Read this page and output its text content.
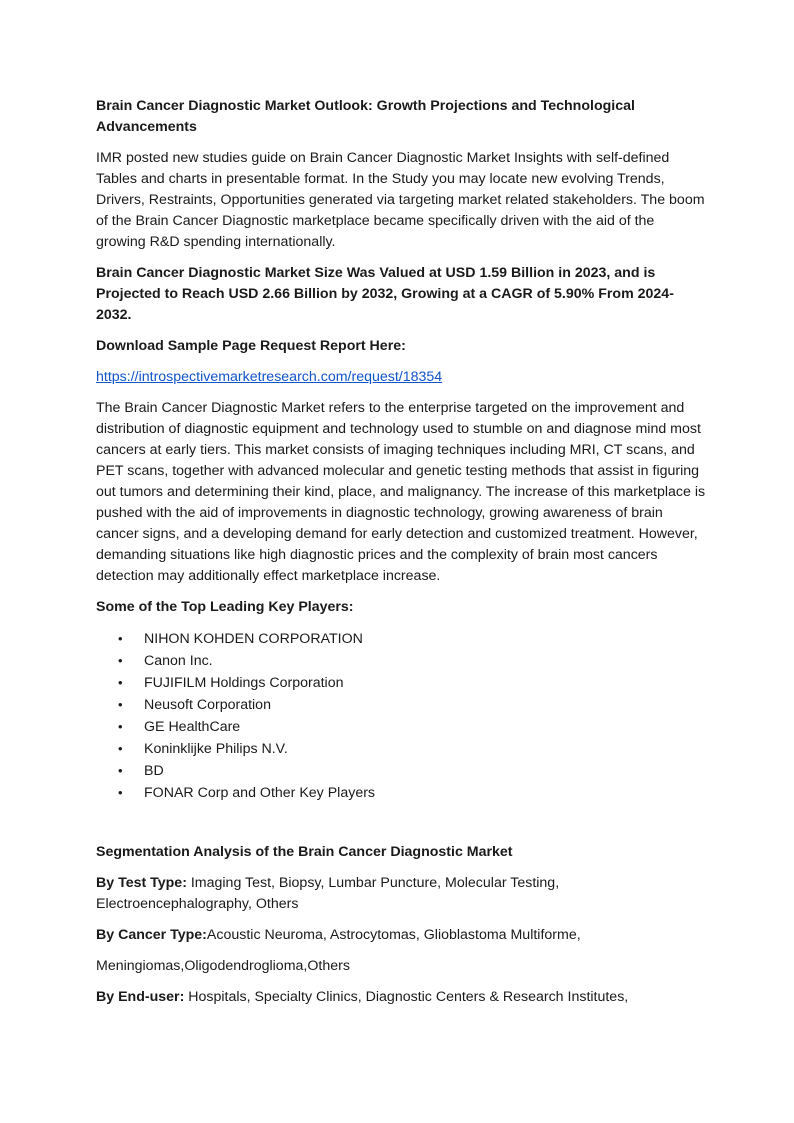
Brain Cancer Diagnostic Market Outlook: Growth Projections and Technological Advancements

IMR posted new studies guide on Brain Cancer Diagnostic Market Insights with self-defined Tables and charts in presentable format. In the Study you may locate new evolving Trends, Drivers, Restraints, Opportunities generated via targeting market related stakeholders. The boom of the Brain Cancer Diagnostic marketplace became specifically driven with the aid of the growing R&D spending internationally.

Brain Cancer Diagnostic Market Size Was Valued at USD 1.59 Billion in 2023, and is Projected to Reach USD 2.66 Billion by 2032, Growing at a CAGR of 5.90% From 2024-2032.

Download Sample Page Request Report Here:

https://introspectivemarketresearch.com/request/18354

The Brain Cancer Diagnostic Market refers to the enterprise targeted on the improvement and distribution of diagnostic equipment and technology used to stumble on and diagnose mind most cancers at early tiers. This market consists of imaging techniques including MRI, CT scans, and PET scans, together with advanced molecular and genetic testing methods that assist in figuring out tumors and determining their kind, place, and malignancy. The increase of this marketplace is pushed with the aid of improvements in diagnostic technology, growing awareness of brain cancer signs, and a developing demand for early detection and customized treatment. However, demanding situations like high diagnostic prices and the complexity of brain most cancers detection may additionally effect marketplace increase.

Some of the Top Leading Key Players:

• NIHON KOHDEN CORPORATION
• Canon Inc.
• FUJIFILM Holdings Corporation
• Neusoft Corporation
• GE HealthCare
• Koninklijke Philips N.V.
• BD
• FONAR Corp and Other Key Players

Segmentation Analysis of the Brain Cancer Diagnostic Market

By Test Type: Imaging Test, Biopsy, Lumbar Puncture, Molecular Testing, Electroencephalography, Others

By Cancer Type:Acoustic Neuroma, Astrocytomas, Glioblastoma Multiforme,

Meningiomas,Oligodendroglioma,Others

By End-user: Hospitals, Specialty Clinics, Diagnostic Centers & Research Institutes,
